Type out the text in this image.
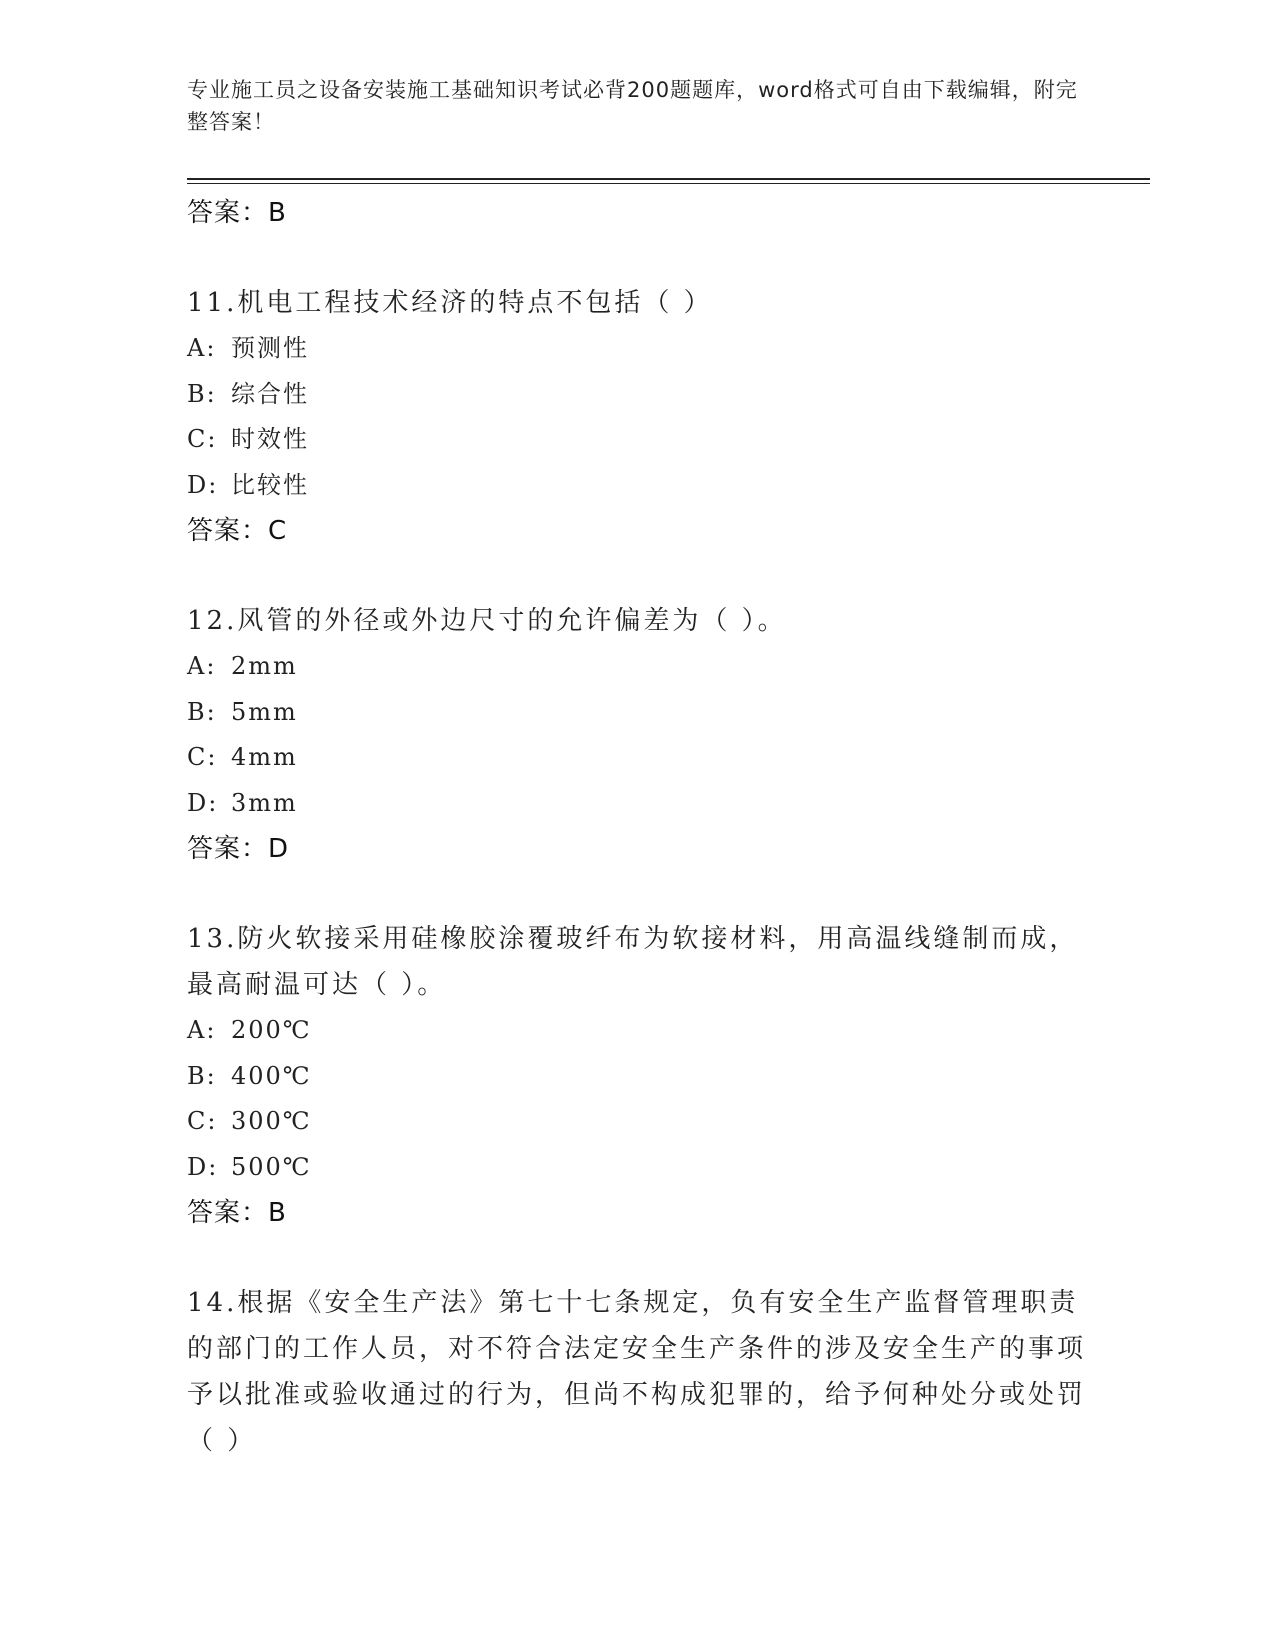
专业施工员之设备安装施工基础知识考试必背200题题库，word格式可自由下载编辑，附完整答案！
答案：B
11.机电工程技术经济的特点不包括（ ）
A: 预测性
B: 综合性
C: 时效性
D: 比较性
答案：C
12.风管的外径或外边尺寸的允许偏差为（ ）。
A: 2mm
B: 5mm
C: 4mm
D: 3mm
答案：D
13.防火软接采用硅橡胶涂覆玻纤布为软接材料，用高温线缝制而成，最高耐温可达（ ）。
A: 200℃
B: 400℃
C: 300℃
D: 500℃
答案：B
14.根据《安全生产法》第七十七条规定，负有安全生产监督管理职责的部门的工作人员，对不符合法定安全生产条件的涉及安全生产的事项予以批准或验收通过的行为，但尚不构成犯罪的，给予何种处分或处罚（ ）
